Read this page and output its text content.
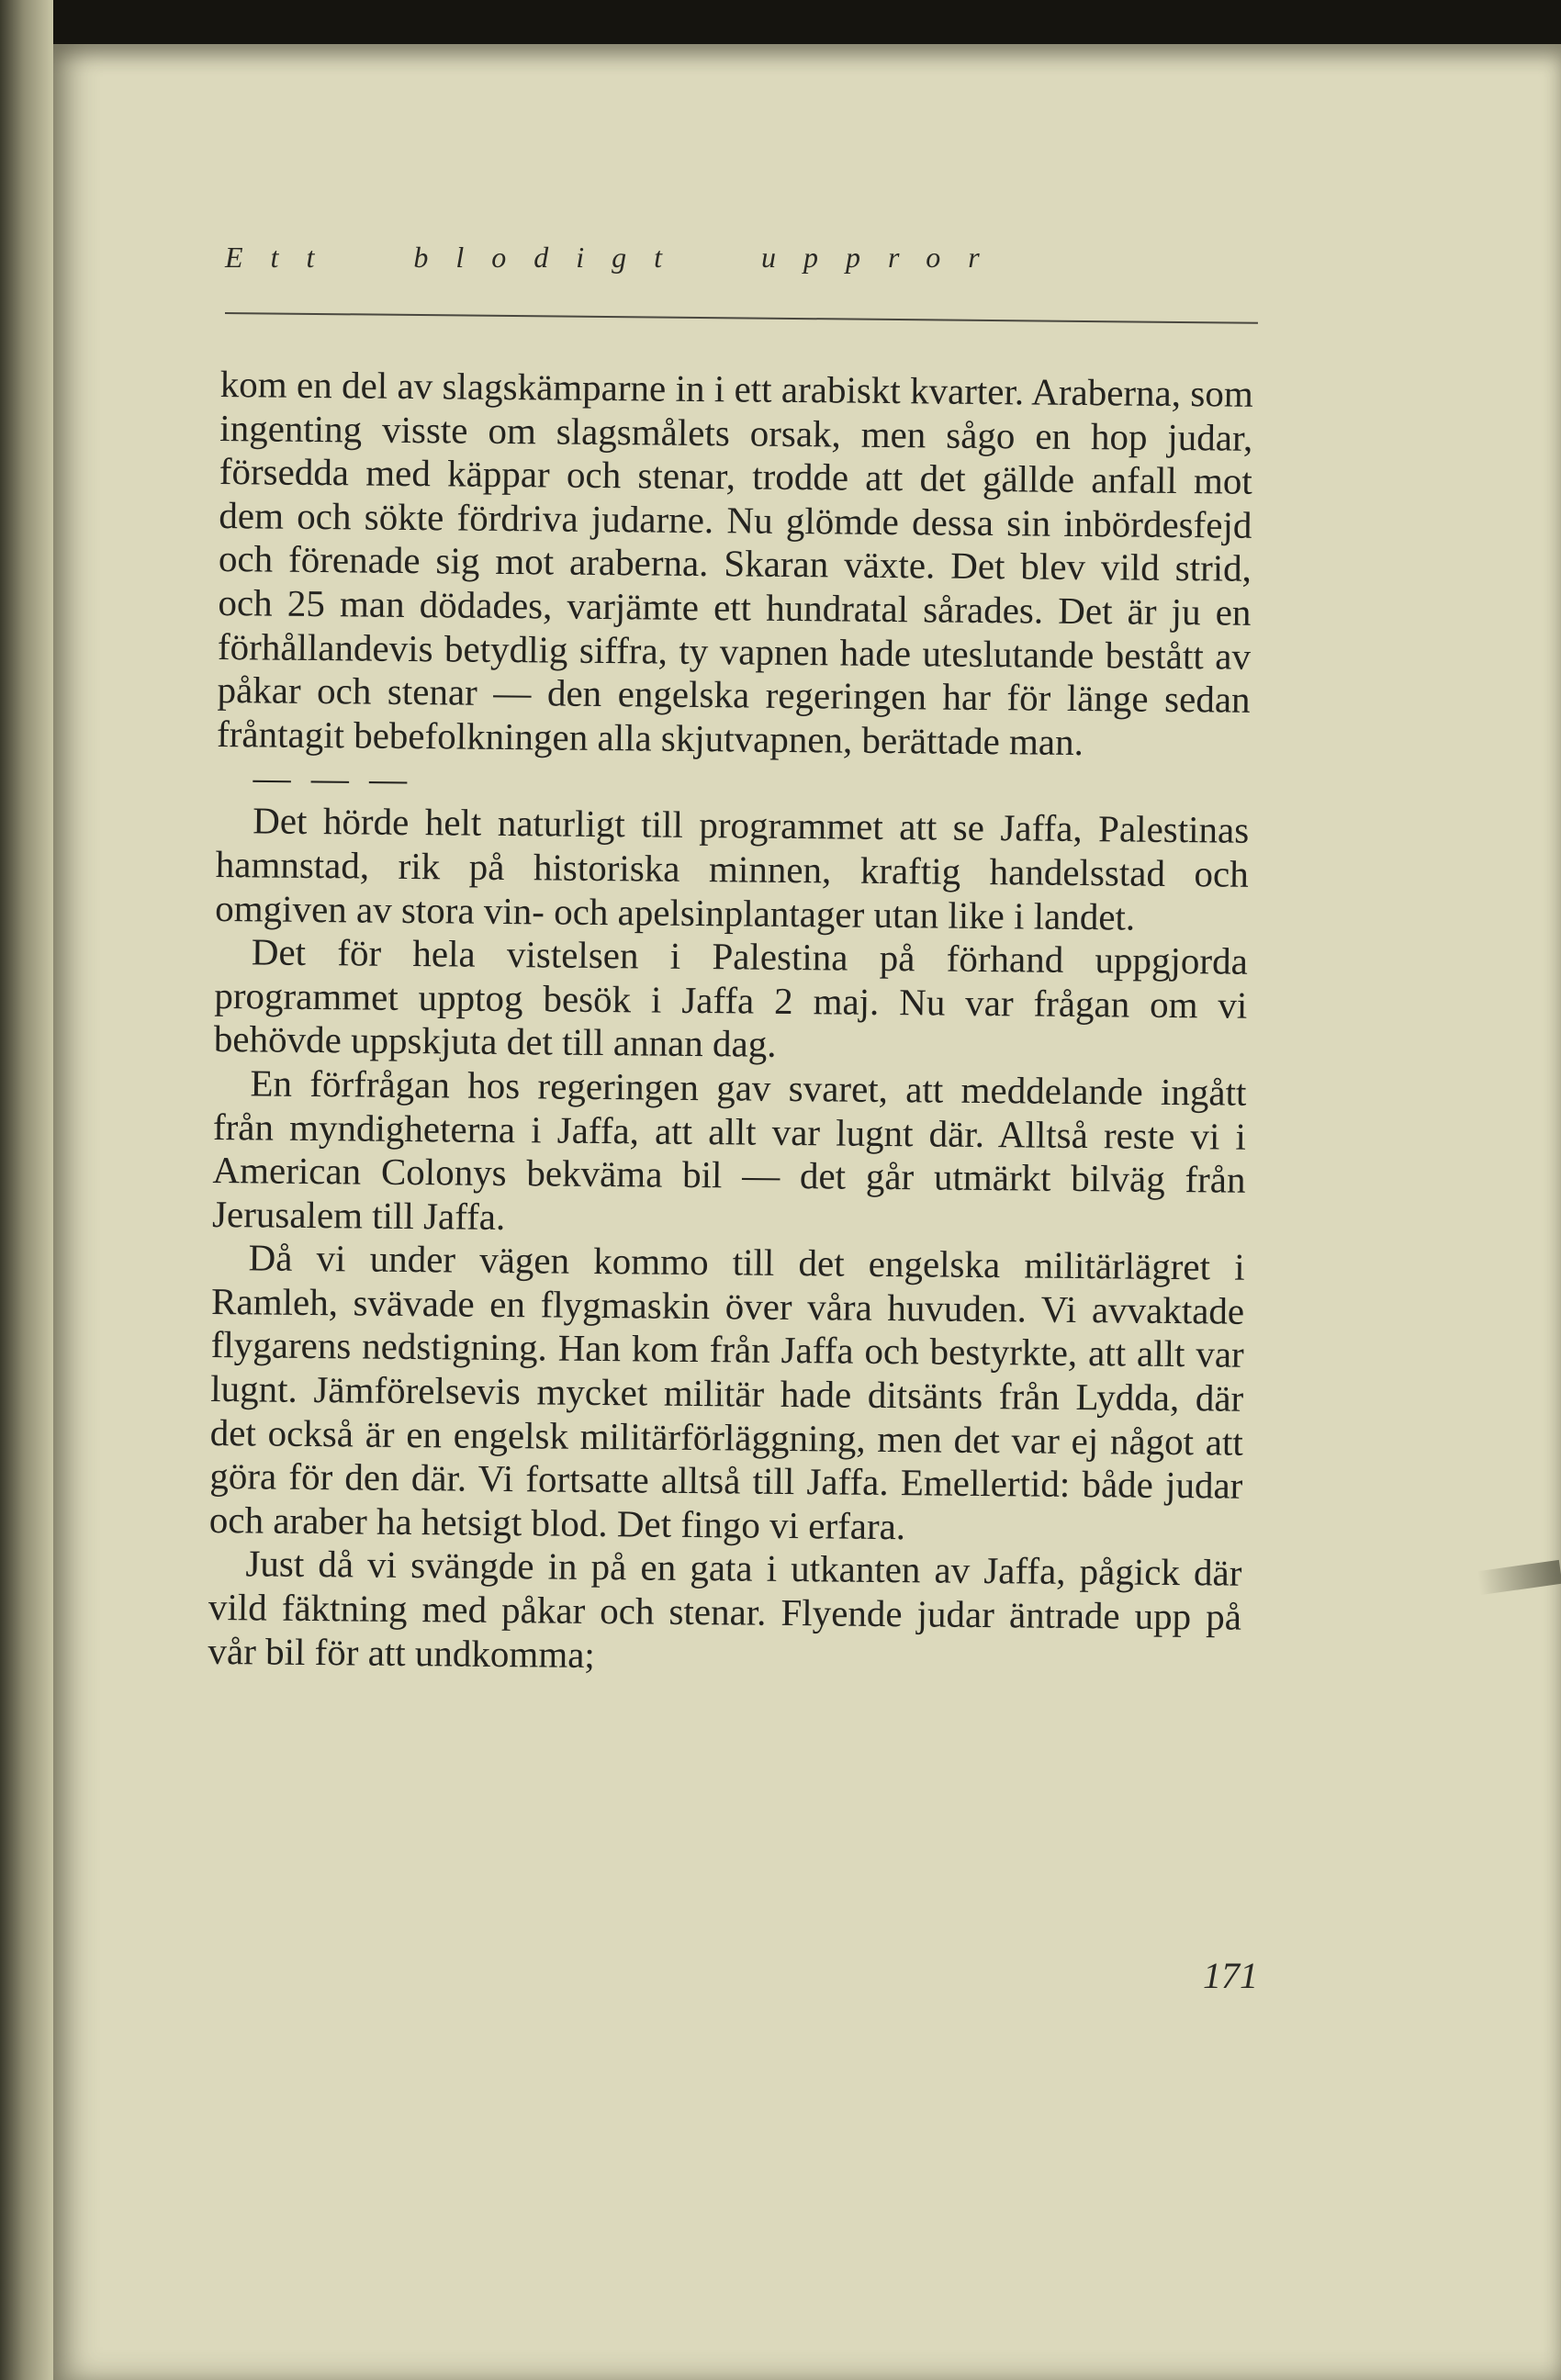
Ett blodigt uppror

kom en del av slagskämparne in i ett arabiskt kvarter. Araberna, som ingenting visste om slagsmålets orsak, men sågo en hop judar, försedda med käppar och stenar, trodde att det gällde anfall mot dem och sökte fördriva judarne. Nu glömde dessa sin inbördesfejd och förenade sig mot araberna. Skaran växte. Det blev vild strid, och 25 man dödades, varjämte ett hundratal sårades. Det är ju en förhållandevis betydlig siffra, ty vapnen hade uteslutande bestått av påkar och stenar — den engelska regeringen har för länge sedan fråntagit bebefolkningen alla skjutvapnen, berättade man.

— — —

Det hörde helt naturligt till programmet att se Jaffa, Palestinas hamnstad, rik på historiska minnen, kraftig handelsstad och omgiven av stora vin- och apelsinplantager utan like i landet.

Det för hela vistelsen i Palestina på förhand uppgjorda programmet upptog besök i Jaffa 2 maj. Nu var frågan om vi behövde uppskjuta det till annan dag.

En förfrågan hos regeringen gav svaret, att meddelande ingått från myndigheterna i Jaffa, att allt var lugnt där. Alltså reste vi i American Colonys bekväma bil — det går utmärkt bilväg från Jerusalem till Jaffa.

Då vi under vägen kommo till det engelska militärlägret i Ramleh, svävade en flygmaskin över våra huvuden. Vi avvaktade flygarens nedstigning. Han kom från Jaffa och bestyrkte, att allt var lugnt. Jämförelsevis mycket militär hade ditsänts från Lydda, där det också är en engelsk militärförläggning, men det var ej något att göra för den där. Vi fortsatte alltså till Jaffa. Emellertid: både judar och araber ha hetsigt blod. Det fingo vi erfara.

Just då vi svängde in på en gata i utkanten av Jaffa, pågick där vild fäktning med påkar och stenar. Flyende judar äntrade upp på vår bil för att undkomma;

171
